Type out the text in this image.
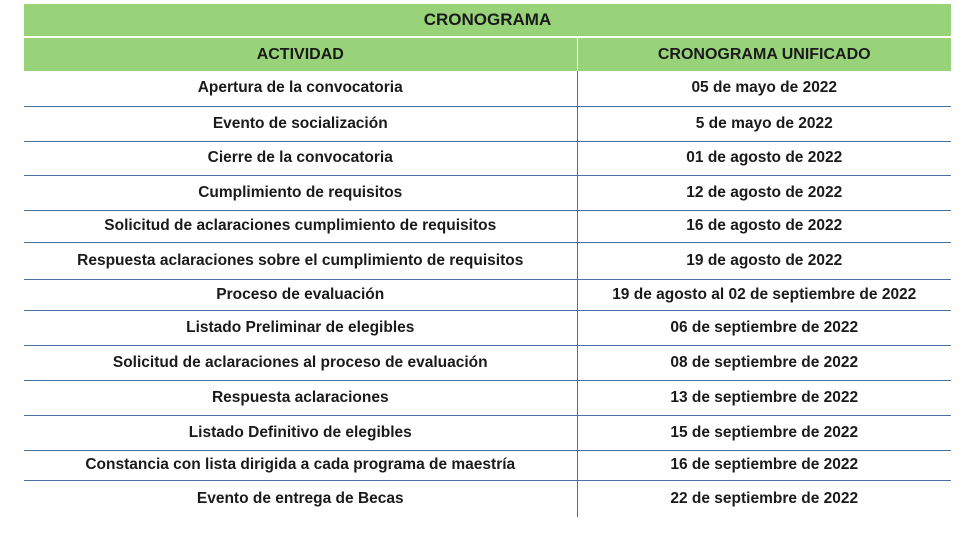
CRONOGRAMA	
ACTIVIDAD	CRONOGRAMA UNIFICADO
Apertura de la convocatoria	05 de mayo de 2022
Evento de socialización	5 de mayo de 2022
Cierre de la convocatoria	01 de agosto de 2022
Cumplimiento de requisitos	12 de agosto de 2022
Solicitud de aclaraciones cumplimiento de requisitos	16 de agosto de 2022
Respuesta aclaraciones sobre el cumplimiento de requisitos	19 de agosto de 2022
Proceso de evaluación	19 de agosto al 02 de septiembre de 2022
Listado Preliminar de elegibles	06 de septiembre de 2022
Solicitud de aclaraciones al proceso de evaluación	08 de septiembre de 2022
Respuesta aclaraciones	13 de septiembre de 2022
Listado Definitivo de elegibles	15 de septiembre de 2022
Constancia con lista dirigida a cada programa de maestría	16 de septiembre de 2022
Evento de entrega de Becas	22 de septiembre de 2022
